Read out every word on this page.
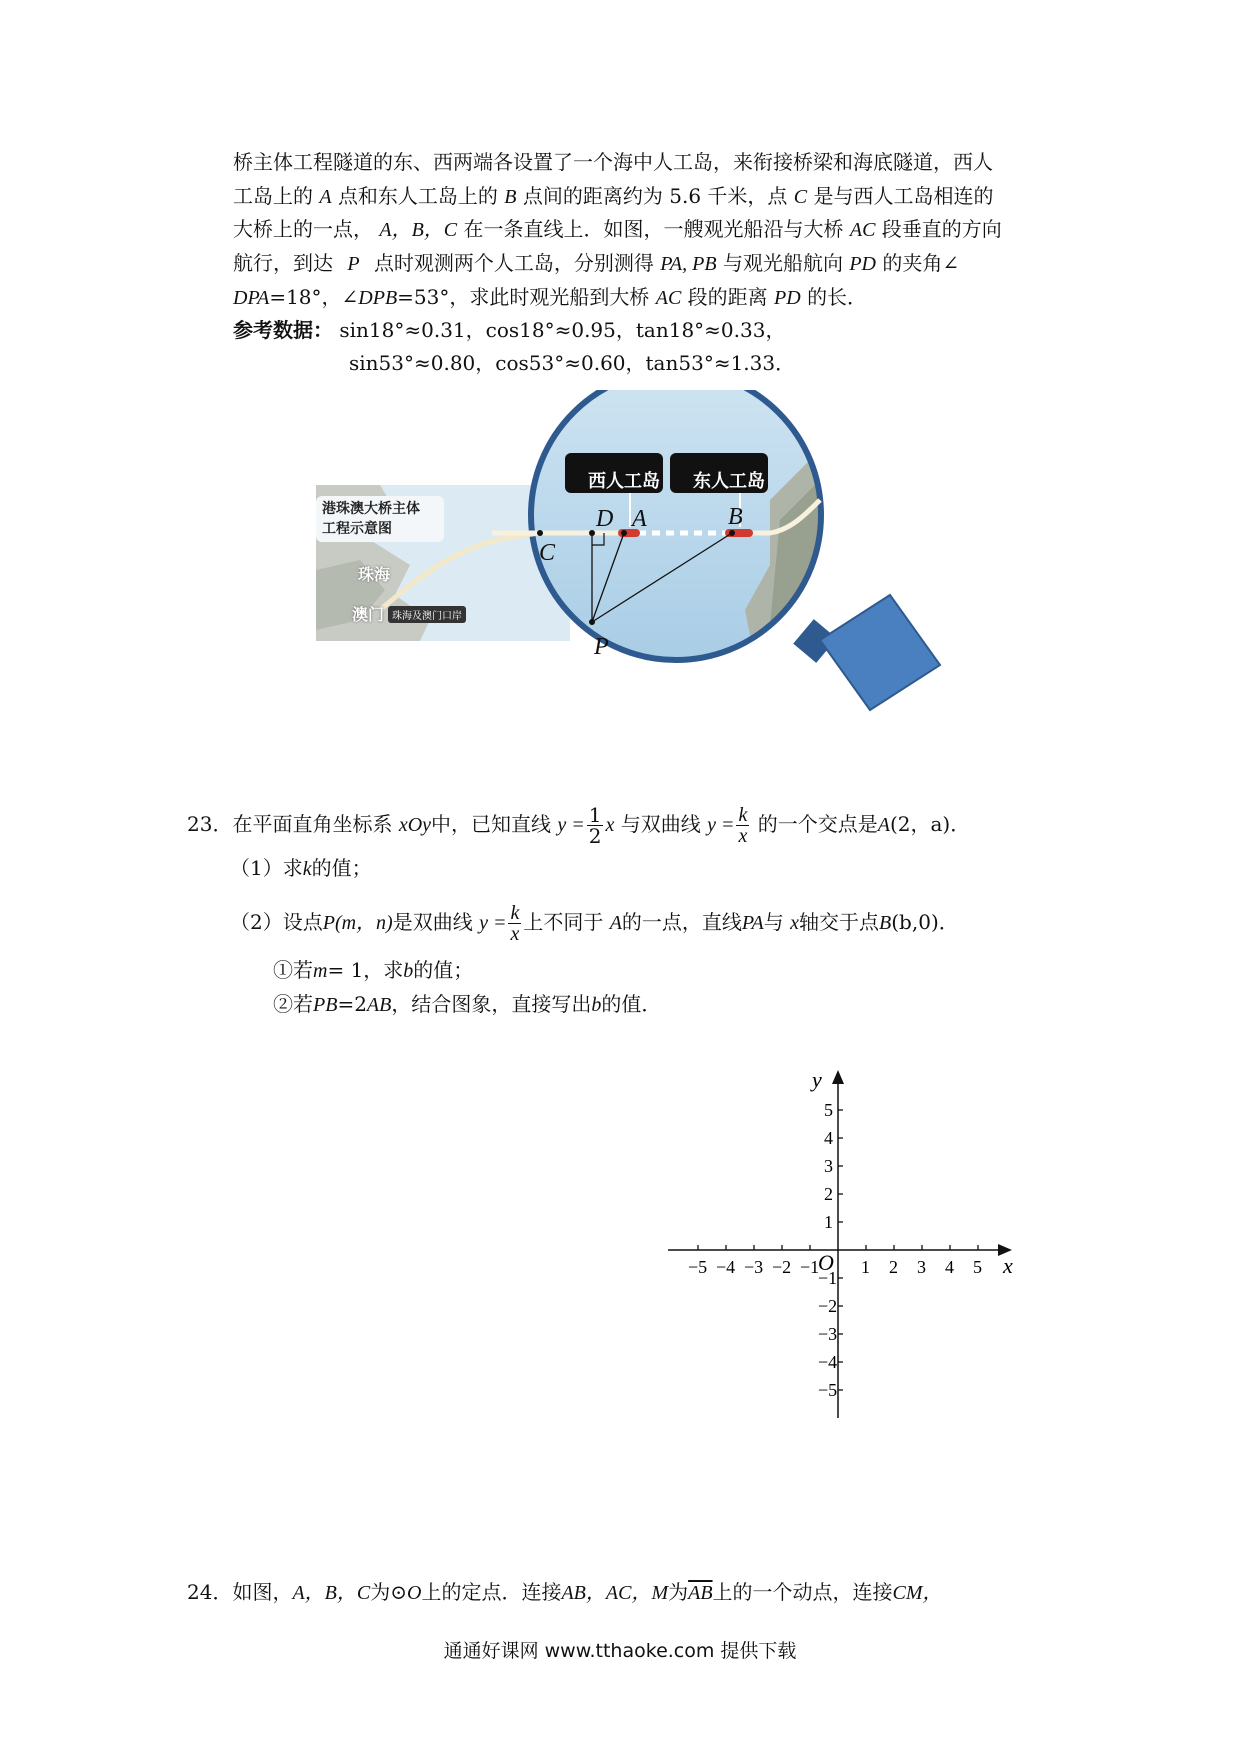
桥主体工程隧道的东、西两端各设置了一个海中人工岛，来衔接桥梁和海底隧道，西人
工岛上的 A 点和东人工岛上的 B 点间的距离约为 5.6 千米，点 C 是与西人工岛相连的
大桥上的一点， A，B，C 在一条直线上．如图，一艘观光船沿与大桥 AC 段垂直的方向
航行，到达 P 点时观测两个人工岛，分别测得 PA, PB 与观光船航向 PD 的夹角∠
DPA=18°，∠DPB=53°，求此时观光船到大桥 AC 段的距离 PD 的长．
参考数据： sin18°≈0.31，cos18°≈0.95，tan18°≈0.33，
sin53°≈0.80，cos53°≈0.60，tan53°≈1.33．
港珠澳大桥主体
工程示意图
珠海
澳门 珠海及澳门口岸
西人工岛	东人工岛
C
D A	B
P
23．在平面直角坐标系 xOy中，已知直线 $y = \frac{1}{2}$ x 与双曲线 $y = \frac{k}{x}$ 的一个交点是A(2，a)．
（1）求k的值；
（2）设点P(m，n)是双曲线 $y = \frac{k}{x}$ 上不同于 A的一点，直线PA与 x轴交于点B(b,0)．
①若m= 1，求b的值；
②若PB=2AB，结合图象，直接写出b的值．
−5 −4 −3 −2 −1 1 2 3 4 5
5
4
3
2
1
−1
−2
−3
−4
−5
x
y
O
24．如图，A，B，C为⊙O上的定点．连接AB，AC，M为$\overline{AB}$上的一个动点，连接CM，
通通好课网 www.tthaoke.com 提供下载
